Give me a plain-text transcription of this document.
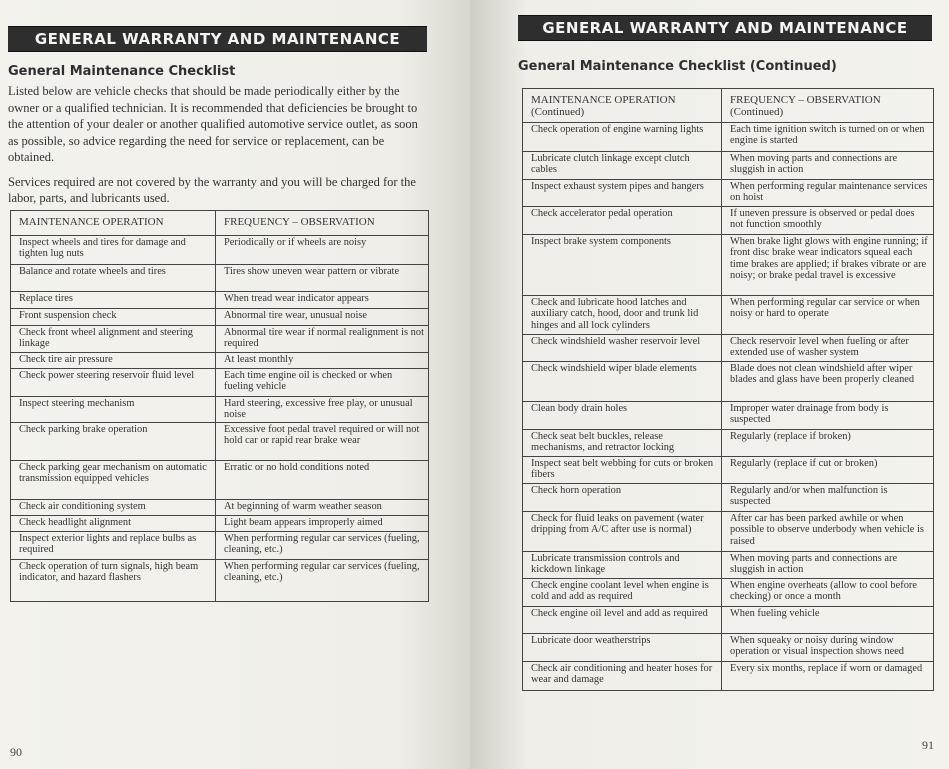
GENERAL WARRANTY AND MAINTENANCE
General Maintenance Checklist

Listed below are vehicle checks that should be made periodically either by the owner or a qualified technician. It is recommended that deficiencies be brought to the attention of your dealer or another qualified automotive service outlet, as soon as possible, so advice regarding the need for service or replacement, can be obtained.

Services required are not covered by the warranty and you will be charged for the labor, parts, and lubricants used.

MAINTENANCE OPERATION	FREQUENCY – OBSERVATION
Inspect wheels and tires for damage and tighten lug nuts	Periodically or if wheels are noisy
Balance and rotate wheels and tires	Tires show uneven wear pattern or vibrate
Replace tires	When tread wear indicator appears
Front suspension check	Abnormal tire wear, unusual noise
Check front wheel alignment and steering linkage	Abnormal tire wear if normal realignment is not required
Check tire air pressure	At least monthly
Check power steering reservoir fluid level	Each time engine oil is checked or when fueling vehicle
Inspect steering mechanism	Hard steering, excessive free play, or unusual noise
Check parking brake operation	Excessive foot pedal travel required or will not hold car or rapid rear brake wear
Check parking gear mechanism on automatic transmission equipped vehicles	Erratic or no hold conditions noted
Check air conditioning system	At beginning of warm weather season
Check headlight alignment	Light beam appears improperly aimed
Inspect exterior lights and replace bulbs as required	When performing regular car services (fueling, cleaning, etc.)
Check operation of turn signals, high beam indicator, and hazard flashers	When performing regular car services (fueling, cleaning, etc.)
90
GENERAL WARRANTY AND MAINTENANCE
General Maintenance Checklist (Continued)
MAINTENANCE OPERATION (Continued)	FREQUENCY – OBSERVATION (Continued)
Check operation of engine warning lights	Each time ignition switch is turned on or when engine is started
Lubricate clutch linkage except clutch cables	When moving parts and connections are sluggish in action
Inspect exhaust system pipes and hangers	When performing regular maintenance services on hoist
Check accelerator pedal operation	If uneven pressure is observed or pedal does not function smoothly
Inspect brake system components	When brake light glows with engine running; if front disc brake wear indicators squeal each time brakes are applied; if brakes vibrate or are noisy; or brake pedal travel is excessive
Check and lubricate hood latches and auxiliary catch, hood, door and trunk lid hinges and all lock cylinders	When performing regular car service or when noisy or hard to operate
Check windshield washer reservoir level	Check reservoir level when fueling or after extended use of washer system
Check windshield wiper blade elements	Blade does not clean windshield after wiper blades and glass have been properly cleaned
Clean body drain holes	Improper water drainage from body is suspected
Check seat belt buckles, release mechanisms, and retractor locking	Regularly (replace if broken)
Inspect seat belt webbing for cuts or broken fibers	Regularly (replace if cut or broken)
Check horn operation	Regularly and/or when malfunction is suspected
Check for fluid leaks on pavement (water dripping from A/C after use is normal)	After car has been parked awhile or when possible to observe underbody when vehicle is raised
Lubricate transmission controls and kickdown linkage	When moving parts and connections are sluggish in action
Check engine coolant level when engine is cold and add as required	When engine overheats (allow to cool before checking) or once a month
Check engine oil level and add as required	When fueling vehicle
Lubricate door weatherstrips	When squeaky or noisy during window operation or visual inspection shows need
Check air conditioning and heater hoses for wear and damage	Every six months, replace if worn or damaged
91
